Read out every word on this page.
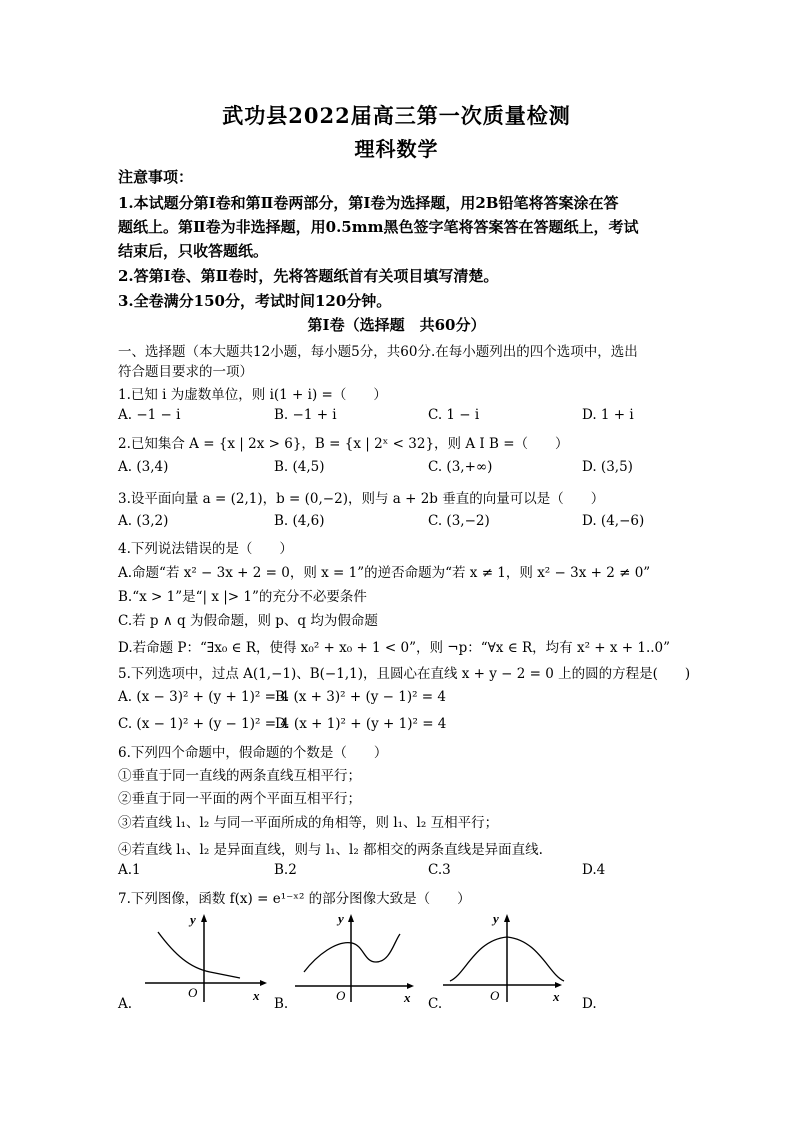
武功县2022届高三第一次质量检测
理科数学
注意事项：
1.本试题分第Ⅰ卷和第Ⅱ卷两部分，第Ⅰ卷为选择题，用2B铅笔将答案涂在答
题纸上。第Ⅱ卷为非选择题，用0.5mm黑色签字笔将答案答在答题纸上，考试
结束后，只收答题纸。
2.答第Ⅰ卷、第Ⅱ卷时，先将答题纸首有关项目填写清楚。
3.全卷满分150分，考试时间120分钟。
第Ⅰ卷（选择题　共60分）
一、选择题（本大题共12小题，每小题5分，共60分.在每小题列出的四个选项中，选出
符合题目要求的一项）
1.已知 i 为虚数单位，则 i(1 + i) =（　　）
A. −1 − i	B. −1 + i	C. 1 − i	D. 1 + i
2.已知集合 A = {x | 2x > 6}，B = {x | 2ˣ < 32}，则 A I B =（　　）
A. (3,4)	B. (4,5)	C. (3,+∞)	D. (3,5)
3.设平面向量 a = (2,1)，b = (0,−2)，则与 a + 2b 垂直的向量可以是（　　）
A. (3,2)	B. (4,6)	C. (3,−2)	D. (4,−6)
4.下列说法错误的是（　　）
A.命题“若 x² − 3x + 2 = 0，则 x = 1”的逆否命题为“若 x ≠ 1，则 x² − 3x + 2 ≠ 0”
B.“x > 1”是“| x |> 1”的充分不必要条件
C.若 p ∧ q 为假命题，则 p、q 均为假命题
D.若命题 P：“∃x₀ ∈ R，使得 x₀² + x₀ + 1 < 0”，则 ¬p：“∀x ∈ R，均有 x² + x + 1..0”
5.下列选项中，过点 A(1,−1)、B(−1,1)，且圆心在直线 x + y − 2 = 0 上的圆的方程是(　　)
A. (x − 3)² + (y + 1)² = 4
B. (x + 3)² + (y − 1)² = 4
C. (x − 1)² + (y − 1)² = 4
D. (x + 1)² + (y + 1)² = 4
6.下列四个命题中，假命题的个数是（　　）
①垂直于同一直线的两条直线互相平行；
②垂直于同一平面的两个平面互相平行；
③若直线 l₁、l₂ 与同一平面所成的角相等，则 l₁、l₂ 互相平行；
④若直线 l₁、l₂ 是异面直线，则与 l₁、l₂ 都相交的两条直线是异面直线.
A.1	B.2	C.3	D.4
7.下列图像，函数 f(x) = e¹⁻ˣ² 的部分图像大致是（　　）
y
O	x
y
O	x
y
O	x
A.	B.	C.	D.
